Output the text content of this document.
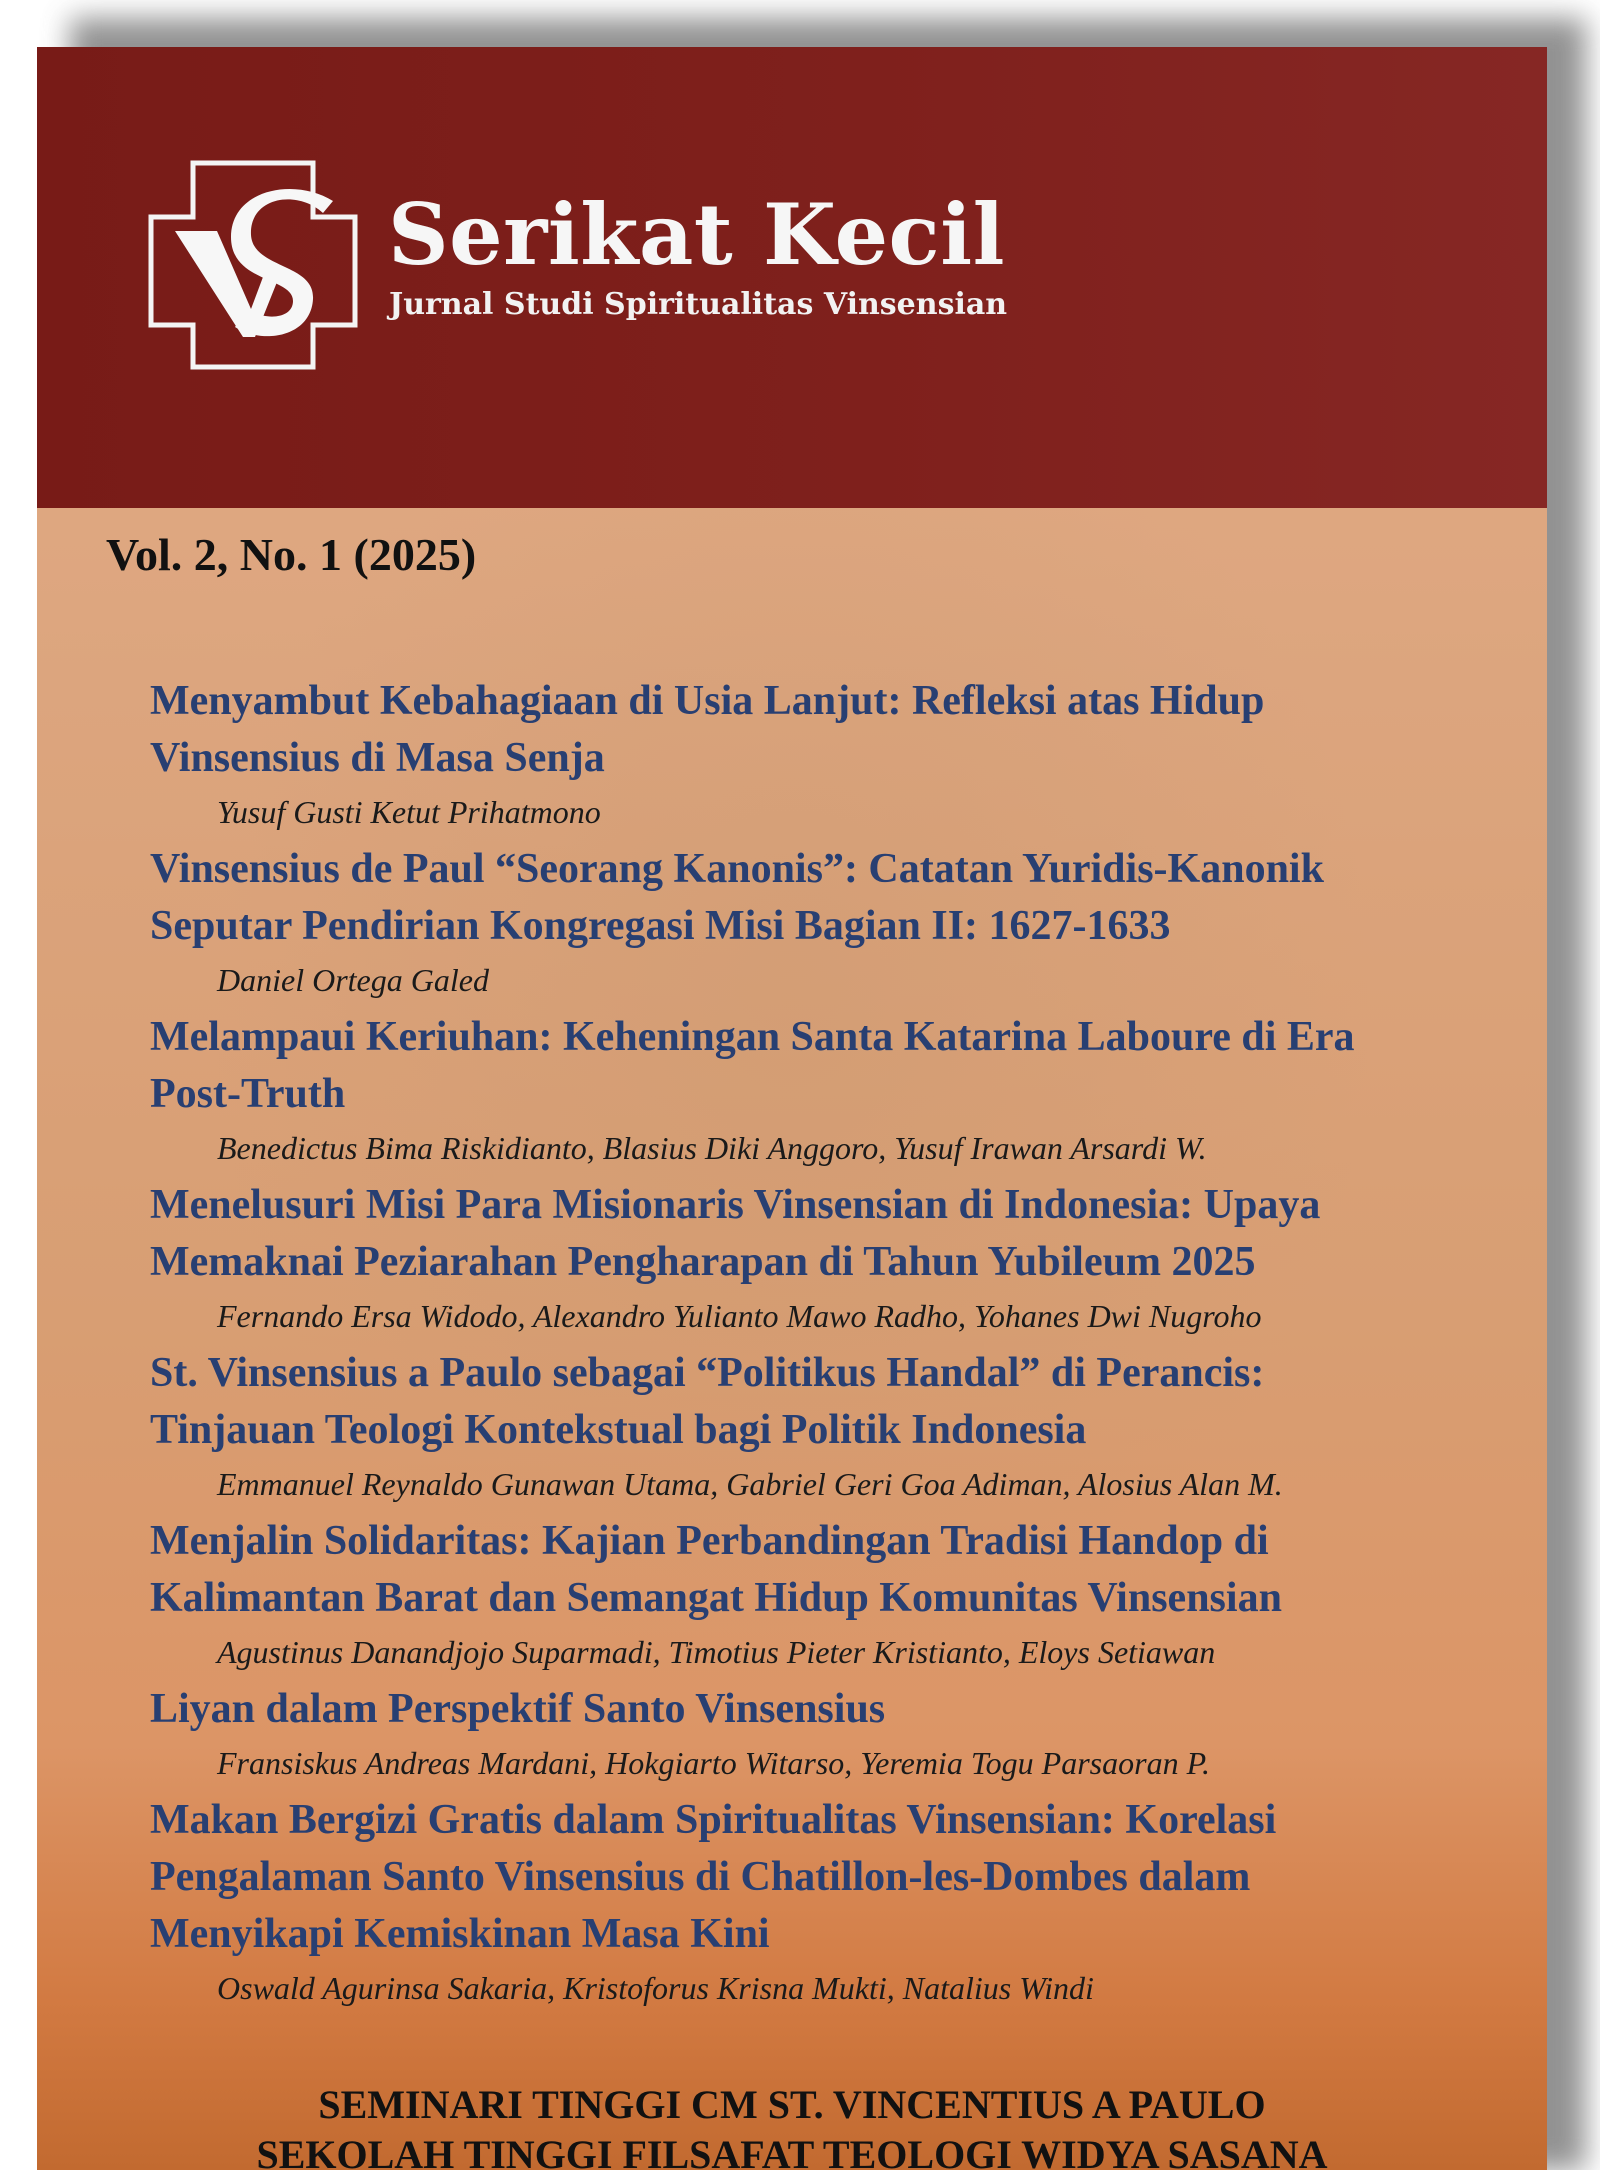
Serikat Kecil

Jurnal Studi Spiritualitas Vinsensian

Vol. 2, No. 1 (2025)

Menyambut Kebahagiaan di Usia Lanjut: Refleksi atas Hidup

Vinsensius di Masa Senja

Yusuf Gusti Ketut Prihatmono

Vinsensius de Paul “Seorang Kanonis”: Catatan Yuridis-Kanonik

Seputar Pendirian Kongregasi Misi Bagian II: 1627-1633

Daniel Ortega Galed

Melampaui Keriuhan: Keheningan Santa Katarina Laboure di Era

Post-Truth

Benedictus Bima Riskidianto, Blasius Diki Anggoro, Yusuf Irawan Arsardi W.

Menelusuri Misi Para Misionaris Vinsensian di Indonesia: Upaya

Memaknai Peziarahan Pengharapan di Tahun Yubileum 2025

Fernando Ersa Widodo, Alexandro Yulianto Mawo Radho, Yohanes Dwi Nugroho

St. Vinsensius a Paulo sebagai “Politikus Handal” di Perancis:

Tinjauan Teologi Kontekstual bagi Politik Indonesia

Emmanuel Reynaldo Gunawan Utama, Gabriel Geri Goa Adiman, Alosius Alan M.

Menjalin Solidaritas: Kajian Perbandingan Tradisi Handop di

Kalimantan Barat dan Semangat Hidup Komunitas Vinsensian

Agustinus Danandjojo Suparmadi, Timotius Pieter Kristianto, Eloys Setiawan

Liyan dalam Perspektif Santo Vinsensius

Fransiskus Andreas Mardani, Hokgiarto Witarso, Yeremia Togu Parsaoran P.

Makan Bergizi Gratis dalam Spiritualitas Vinsensian: Korelasi

Pengalaman Santo Vinsensius di Chatillon-les-Dombes dalam

Menyikapi Kemiskinan Masa Kini

Oswald Agurinsa Sakaria, Kristoforus Krisna Mukti, Natalius Windi

SEMINARI TINGGI CM ST. VINCENTIUS A PAULO

SEKOLAH TINGGI FILSAFAT TEOLOGI WIDYA SASANA
